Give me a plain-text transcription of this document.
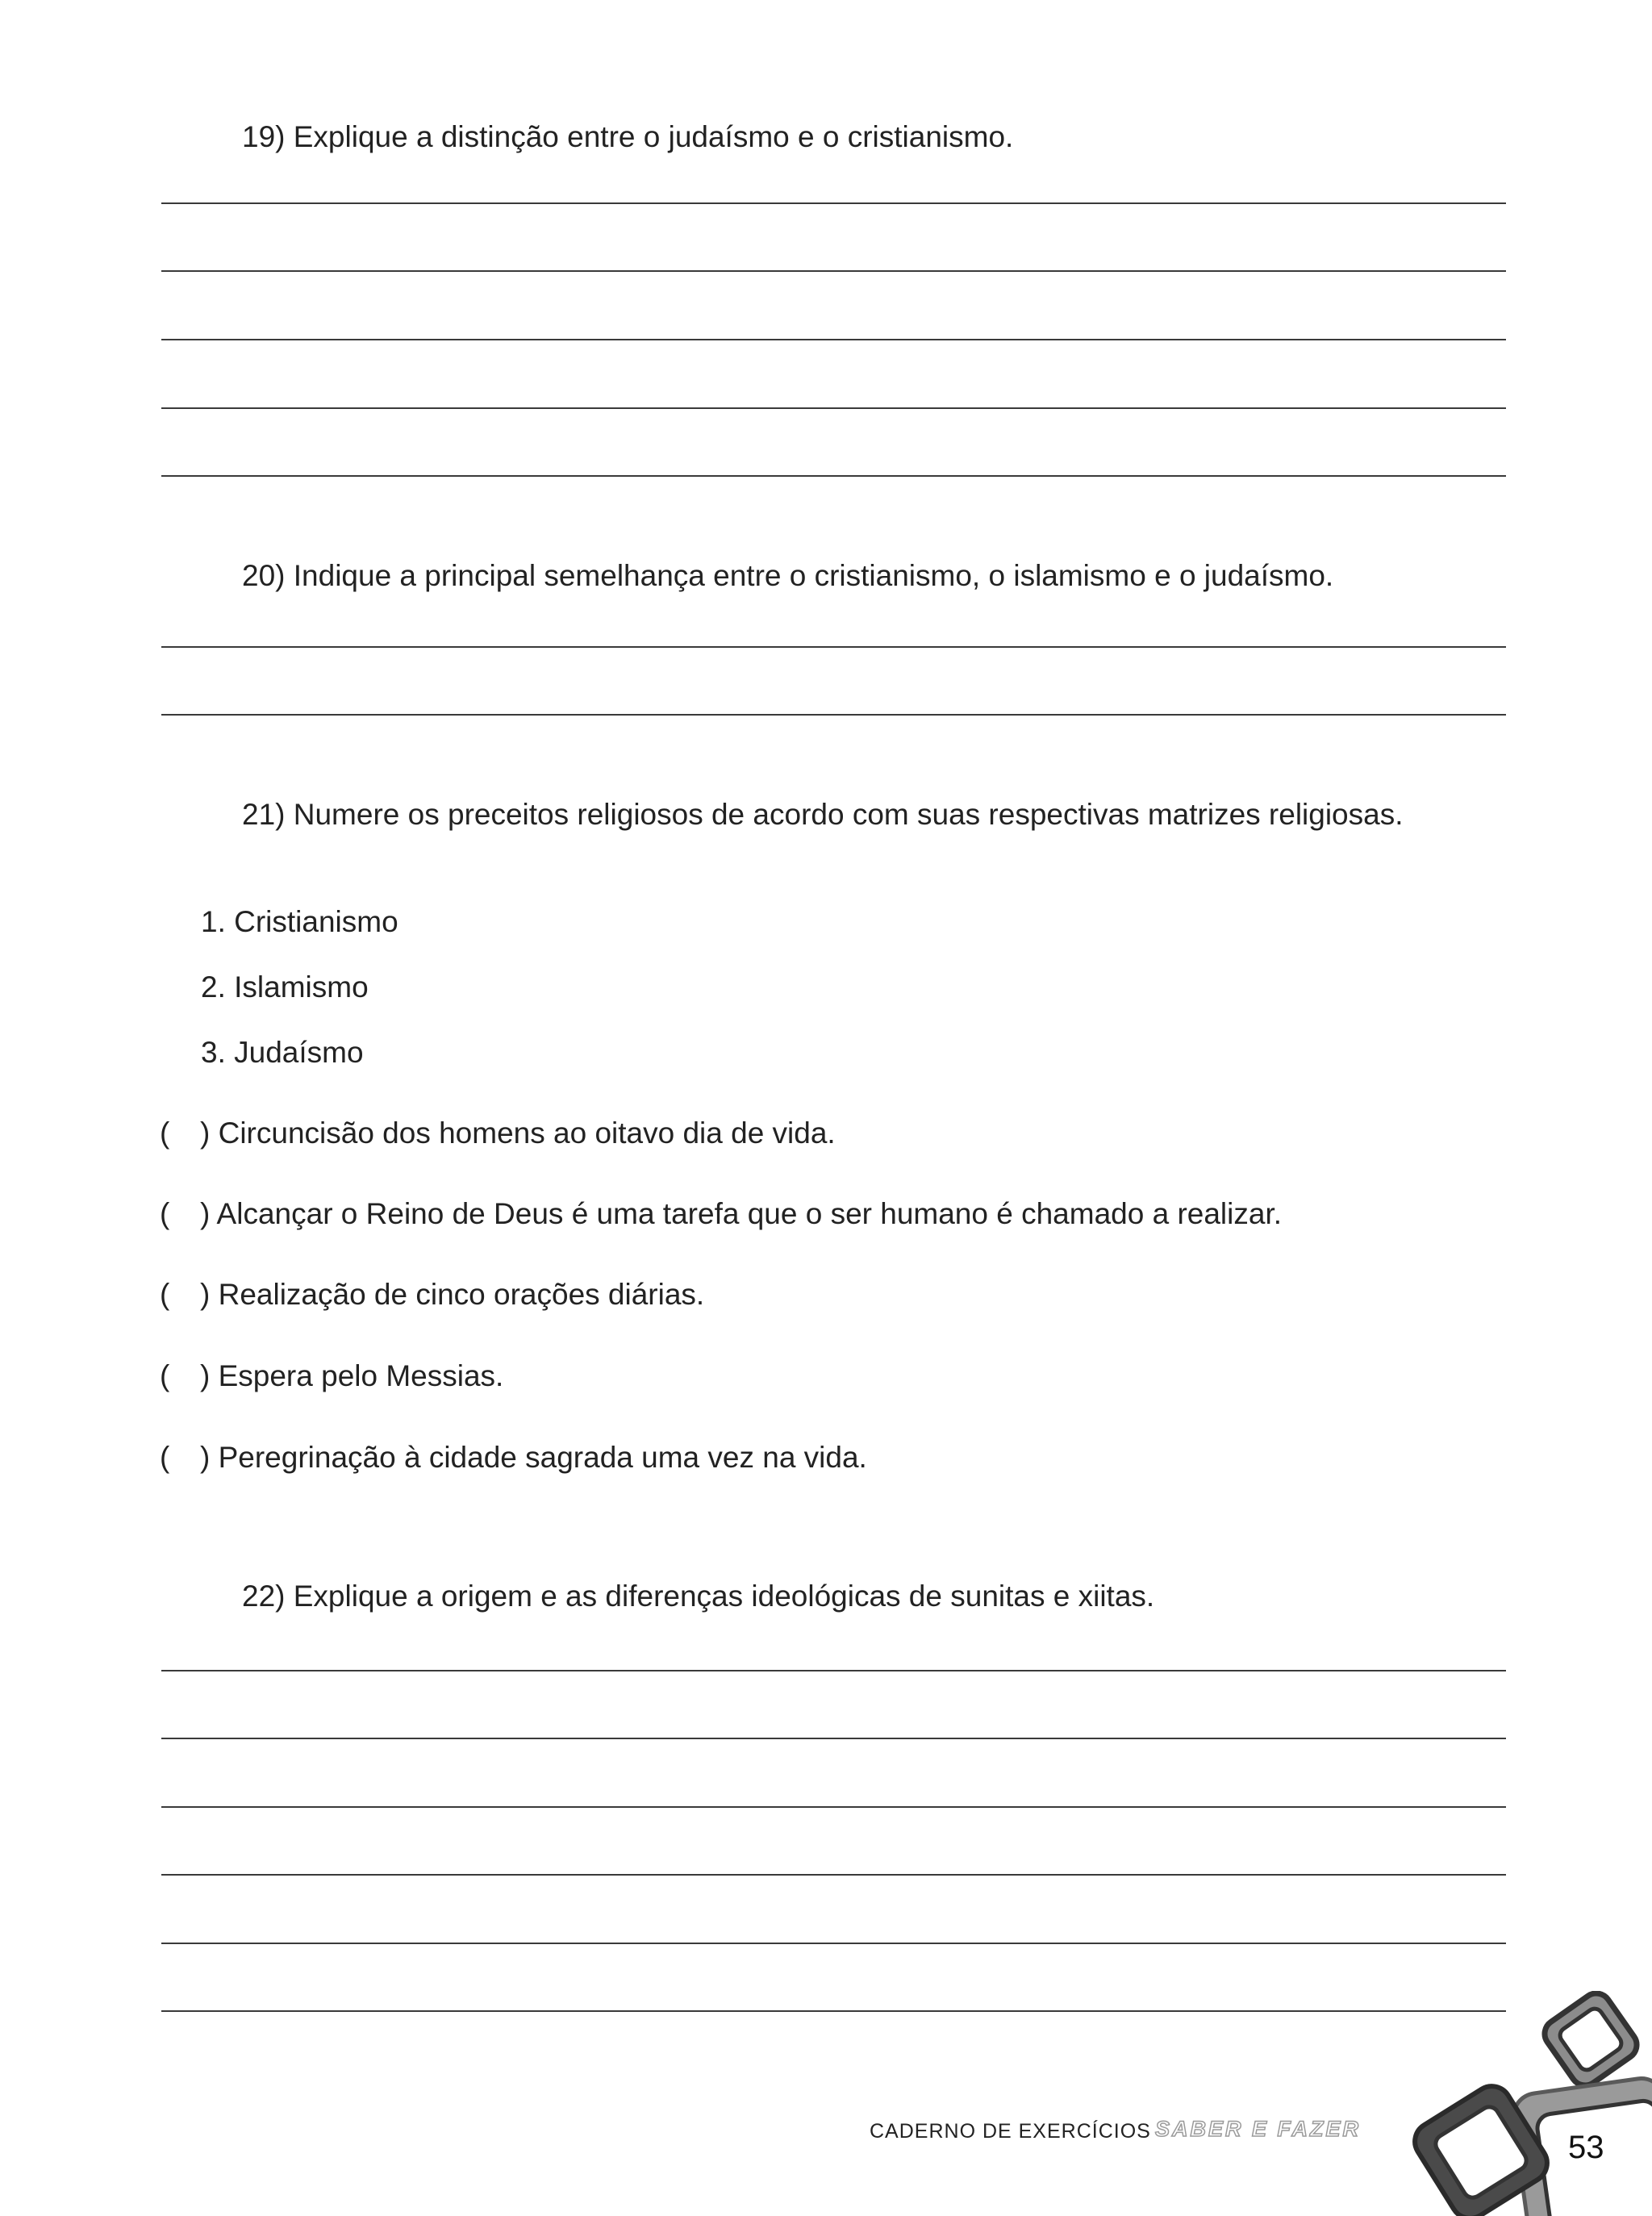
19) Explique a distinção entre o judaísmo e o cristianismo.
20) Indique a principal semelhança entre o cristianismo, o islamismo e o judaísmo.
21) Numere os preceitos religiosos de acordo com suas respectivas matrizes religiosas.
1. Cristianismo
2. Islamismo
3. Judaísmo
( ) Circuncisão dos homens ao oitavo dia de vida.
( ) Alcançar o Reino de Deus é uma tarefa que o ser humano é chamado a realizar.
( ) Realização de cinco orações diárias.
( ) Espera pelo Messias.
( ) Peregrinação à cidade sagrada uma vez na vida.
22) Explique a origem e as diferenças ideológicas de sunitas e xiitas.
CADERNO DE EXERCÍCIOS SABER E FAZER
53
